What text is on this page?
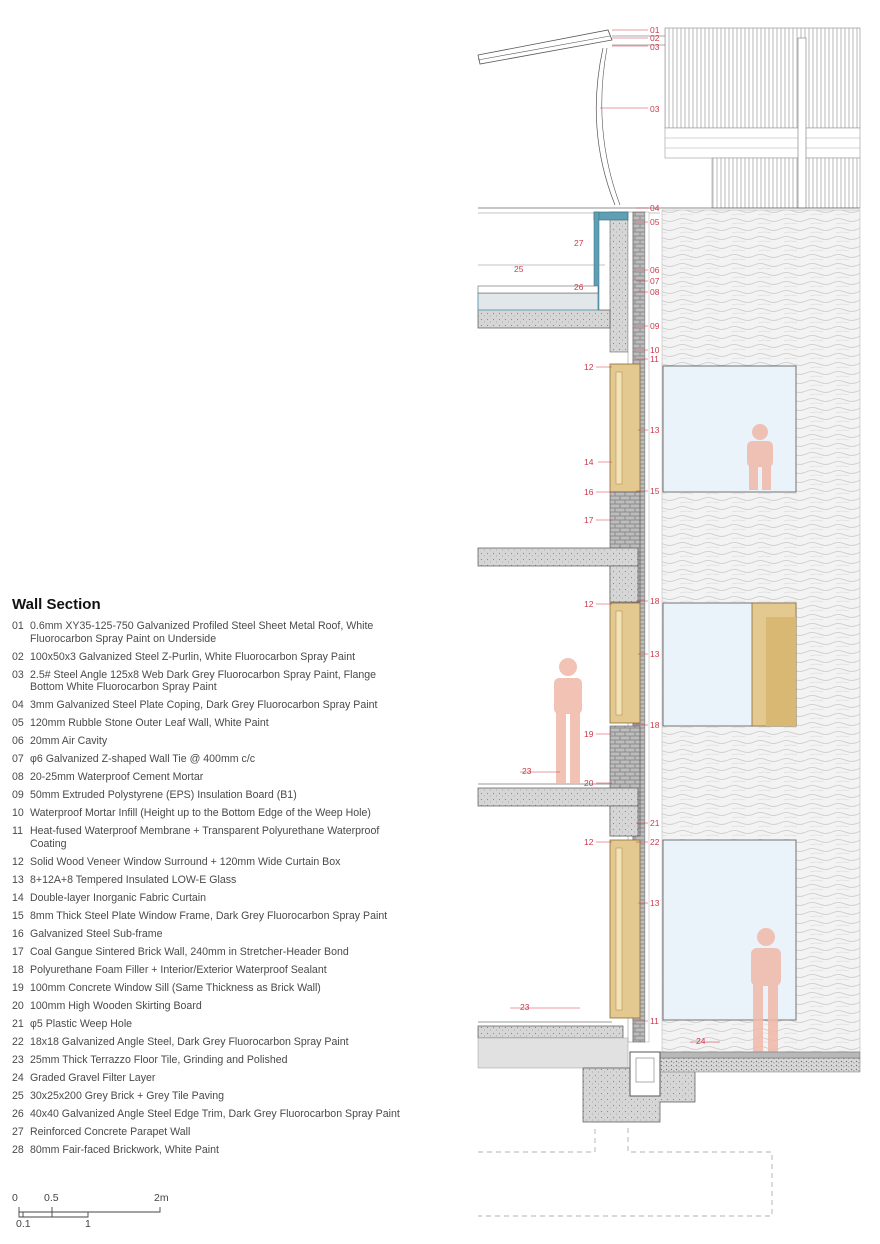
01
02
03
03
04
05
27
25
26
06
07
08
09
10
11
12
13
14
16	15
17
12	18
13
18
19
23
20
21
12	22
13
23
11
24
Wall Section
01 0.6mm XY35-125-750 Galvanized Profiled Steel Sheet Metal Roof, White Fluorocarbon Spray Paint on Underside
02 100x50x3 Galvanized Steel Z-Purlin, White Fluorocarbon Spray Paint
03 2.5# Steel Angle 125x8 Web Dark Grey Fluorocarbon Spray Paint, Flange Bottom White Fluorocarbon Spray Paint
04 3mm Galvanized Steel Plate Coping, Dark Grey Fluorocarbon Spray Paint
05 120mm Rubble Stone Outer Leaf Wall, White Paint
06 20mm Air Cavity
07 φ6 Galvanized Z-shaped Wall Tie @ 400mm c/c
08 20-25mm Waterproof Cement Mortar
09 50mm Extruded Polystyrene (EPS) Insulation Board (B1)
10 Waterproof Mortar Infill (Height up to the Bottom Edge of the Weep Hole)
11 Heat-fused Waterproof Membrane + Transparent Polyurethane Waterproof Coating
12 Solid Wood Veneer Window Surround + 120mm Wide Curtain Box
13 8+12A+8 Tempered Insulated LOW-E Glass
14 Double-layer Inorganic Fabric Curtain
15 8mm Thick Steel Plate Window Frame, Dark Grey Fluorocarbon Spray Paint
16 Galvanized Steel Sub-frame
17 Coal Gangue Sintered Brick Wall, 240mm in Stretcher-Header Bond
18 Polyurethane Foam Filler + Interior/Exterior Waterproof Sealant
19 100mm Concrete Window Sill (Same Thickness as Brick Wall)
20 100mm High Wooden Skirting Board
21 φ5 Plastic Weep Hole
22 18x18 Galvanized Angle Steel, Dark Grey Fluorocarbon Spray Paint
23 25mm Thick Terrazzo Floor Tile, Grinding and Polished
24 Graded Gravel Filter Layer
25 30x25x200 Grey Brick + Grey Tile Paving
26 40x40 Galvanized Angle Steel Edge Trim, Dark Grey Fluorocarbon Spray Paint
27 Reinforced Concrete Parapet Wall
28 80mm Fair-faced Brickwork, White Paint
0 0.5	2m
0.1	1
